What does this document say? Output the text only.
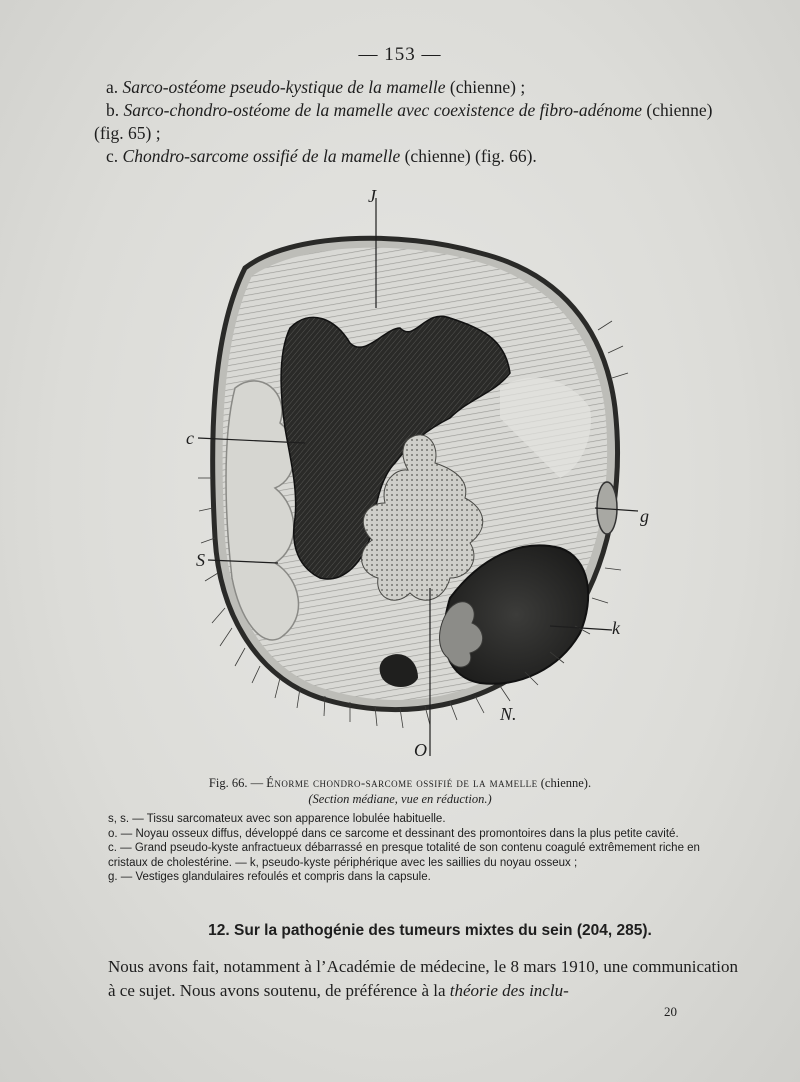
— 153 —

a. Sarco-ostéome pseudo-kystique de la mamelle (chienne) ;

b. Sarco-chondro-ostéome de la mamelle avec coexistence de fibro-adénome (chienne)

(fig. 65) ;

c. Chondro-sarcome ossifié de la mamelle (chienne) (fig. 66).

J
c
S
g
k
N.
O
Fig. 66. — Énorme chondro-sarcome ossifié de la mamelle (chienne).
(Section médiane, vue en réduction.)

s, s. — Tissu sarcomateux avec son apparence lobulée habituelle.

o. — Noyau osseux diffus, développé dans ce sarcome et dessinant des promontoires dans la plus petite cavité.

c. — Grand pseudo-kyste anfractueux débarrassé en presque totalité de son contenu coagulé extrêmement riche en cristaux de cholestérine. — k, pseudo-kyste périphérique avec les saillies du noyau osseux ;

g. — Vestiges glandulaires refoulés et compris dans la capsule.

12. Sur la pathogénie des tumeurs mixtes du sein (204, 285).
Nous avons fait, notamment à l’Académie de médecine, le 8 mars 1910, une communication à ce sujet. Nous avons soutenu, de préférence à la théorie des inclu-
20
